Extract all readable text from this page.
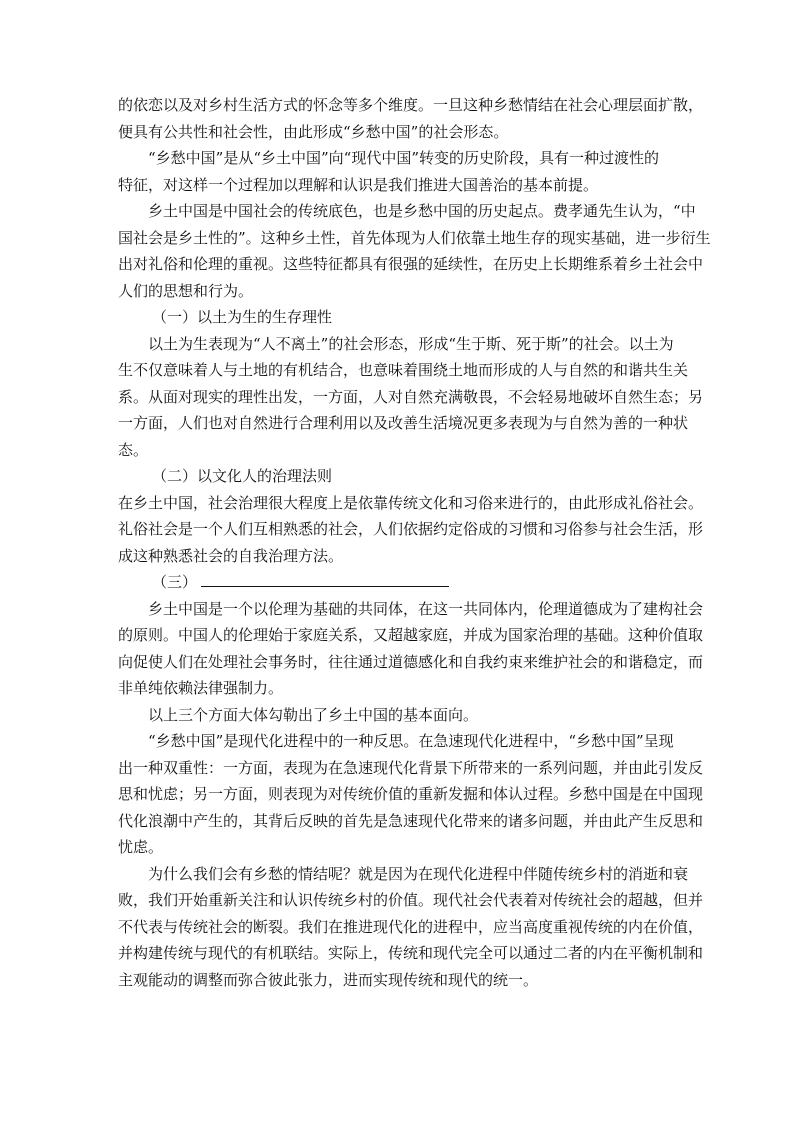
的依恋以及对乡村生活方式的怀念等多个维度。一旦这种乡愁情结在社会心理层面扩散，
便具有公共性和社会性，由此形成“乡愁中国”的社会形态。
“乡愁中国”是从“乡土中国”向“现代中国”转变的历史阶段，具有一种过渡性的
特征，对这样一个过程加以理解和认识是我们推进大国善治的基本前提。
乡土中国是中国社会的传统底色，也是乡愁中国的历史起点。费孝通先生认为，“中
国社会是乡土性的”。这种乡土性，首先体现为人们依靠土地生存的现实基础，进一步衍生
出对礼俗和伦理的重视。这些特征都具有很强的延续性，在历史上长期维系着乡土社会中
人们的思想和行为。
（一）以土为生的生存理性
以土为生表现为“人不离土”的社会形态，形成“生于斯、死于斯”的社会。以土为
生不仅意味着人与土地的有机结合，也意味着围绕土地而形成的人与自然的和谐共生关
系。从面对现实的理性出发，一方面，人对自然充满敬畏，不会轻易地破坏自然生态；另
一方面，人们也对自然进行合理利用以及改善生活境况更多表现为与自然为善的一种状
态。
（二）以文化人的治理法则
在乡土中国，社会治理很大程度上是依靠传统文化和习俗来进行的，由此形成礼俗社会。
礼俗社会是一个人们互相熟悉的社会，人们依据约定俗成的习惯和习俗参与社会生活，形
成这种熟悉社会的自我治理方法。
（三）
乡土中国是一个以伦理为基础的共同体，在这一共同体内，伦理道德成为了建构社会
的原则。中国人的伦理始于家庭关系，又超越家庭，并成为国家治理的基础。这种价值取
向促使人们在处理社会事务时，往往通过道德感化和自我约束来维护社会的和谐稳定，而
非单纯依赖法律强制力。
以上三个方面大体勾勒出了乡土中国的基本面向。
“乡愁中国”是现代化进程中的一种反思。在急速现代化进程中，“乡愁中国”呈现
出一种双重性：一方面，表现为在急速现代化背景下所带来的一系列问题，并由此引发反
思和忧虑；另一方面，则表现为对传统价值的重新发掘和体认过程。乡愁中国是在中国现
代化浪潮中产生的，其背后反映的首先是急速现代化带来的诸多问题，并由此产生反思和
忧虑。
为什么我们会有乡愁的情结呢？就是因为在现代化进程中伴随传统乡村的消逝和衰
败，我们开始重新关注和认识传统乡村的价值。现代社会代表着对传统社会的超越，但并
不代表与传统社会的断裂。我们在推进现代化的进程中，应当高度重视传统的内在价值，
并构建传统与现代的有机联结。实际上，传统和现代完全可以通过二者的内在平衡机制和
主观能动的调整而弥合彼此张力，进而实现传统和现代的统一。
